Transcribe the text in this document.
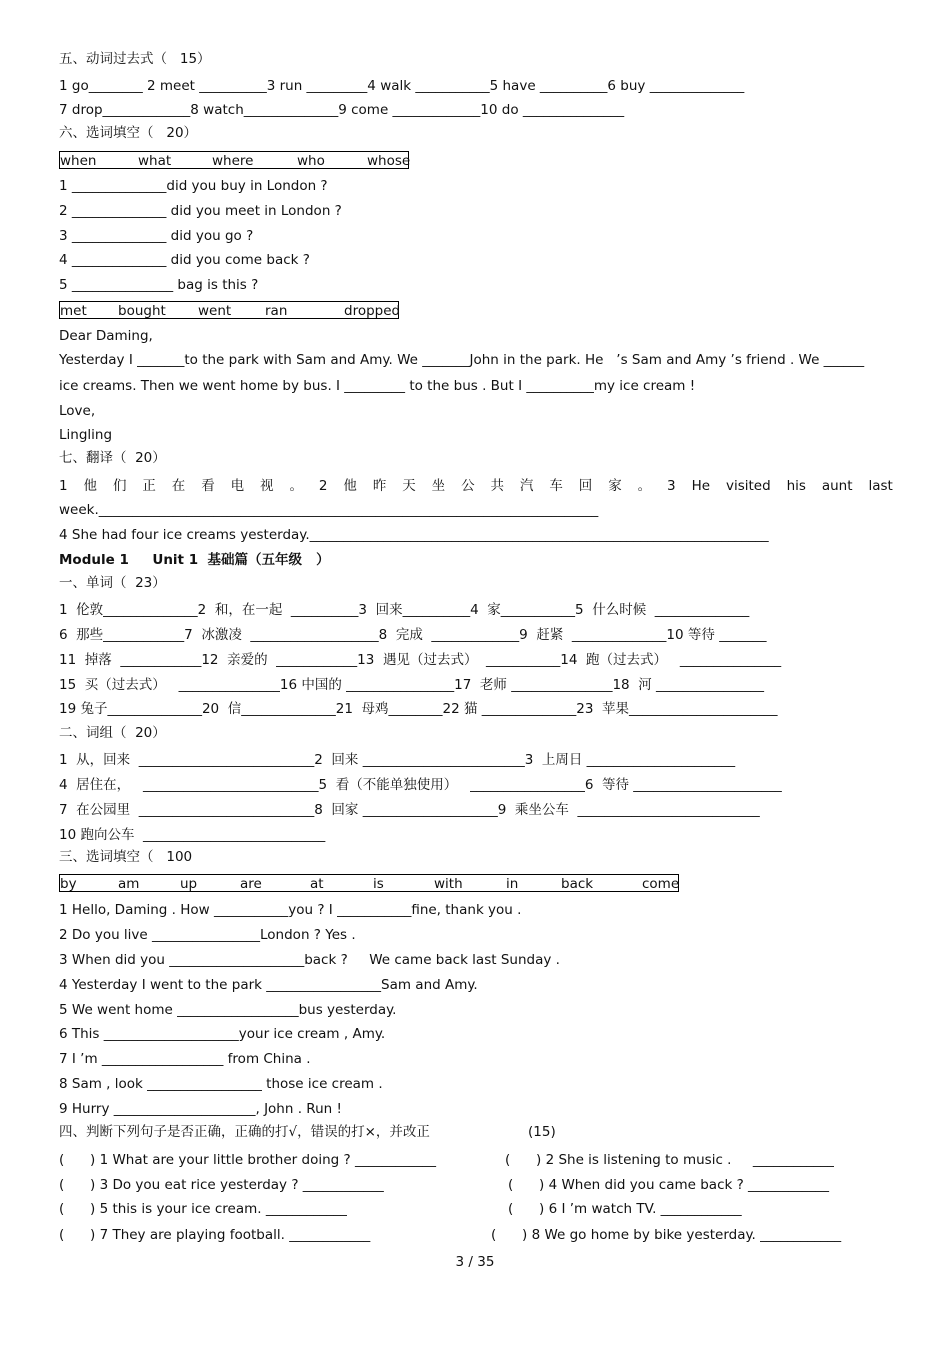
五、动词过去式（   15）
1 go________ 2 meet __________3 run _________4 walk ___________5 have __________6 buy ______________
7 drop_____________8 watch______________9 come _____________10 do _______________
六、选词填空（   20）
when	what	where	who	whose
1 ______________did you buy in London ?
2 ______________ did you meet in London ?
3 ______________ did you go ?
4 ______________ did you come back ?
5 _______________ bag is this ?
met bought went	ran	dropped
Dear Daming,
Yesterday I _______to the park with Sam and Amy. We _______John in the park. He   ’s Sam and Amy ’s friend . We ______
ice creams. Then we went home by bus. I _________ to the bus . But I __________my ice cream !
Love,
Lingling
七、翻译（  20）
1 他 们 正 在 看 电 视 。 2 他 昨 天 坐 公 共 汽 车 回 家 。 3 He visited his aunt last
week.__________________________________________________________________________
4 She had four ice creams yesterday.____________________________________________________________________
Module 1     Unit 1  基础篇（五年级   ）
一、单词（  23）
1  伦敦______________2  和，在一起  __________3  回来__________4  家___________5  什么时候  ______________
6  那些____________7  冰激凌  ___________________8  完成  _____________9  赶紧  ______________10 等待 _______
11  掉落  ____________12  亲爱的  ____________13  遇见（过去式）  ___________14  跑（过去式）   _______________
15  买（过去式）   _______________16 中国的 ________________17  老师 _______________18  河 ________________
19 兔子______________20  信______________21  母鸡________22 猫 ______________23  苹果______________________
二、词组（  20）
1  从，回来  __________________________2  回来 ________________________3  上周日 ______________________
4  居住在，   __________________________5  看（不能单独使用）   _________________6  等待 ______________________
7  在公园里  __________________________8  回家 ____________________9  乘坐公车  ___________________________
10 跑向公车  ___________________________
三、选词填空（   100
by	am	up	are	at	is	with	in	back	come
1 Hello, Daming . How ___________you ? I ___________fine, thank you .
2 Do you live ________________London ? Yes .
3 When did you ____________________back ?     We came back last Sunday .
4 Yesterday I went to the park _________________Sam and Amy.
5 We went home __________________bus yesterday.
6 This ____________________your ice cream , Amy.
7 I ’m __________________ from China .
8 Sam , look _________________ those ice cream .
9 Hurry _____________________, John . Run !
四、判断下列句子是否正确，正确的打√，错误的打×，并改正	(15)
(      ) 1 What are your little brother doing ? ____________	(      ) 2 She is listening to music .     ____________
(      ) 3 Do you eat rice yesterday ? ____________	(      ) 4 When did you came back ? ____________
(      ) 5 this is your ice cream. ____________	(      ) 6 I ’m watch TV. ____________
(      ) 7 They are playing football. ____________	(      ) 8 We go home by bike yesterday. ____________
3 / 35
